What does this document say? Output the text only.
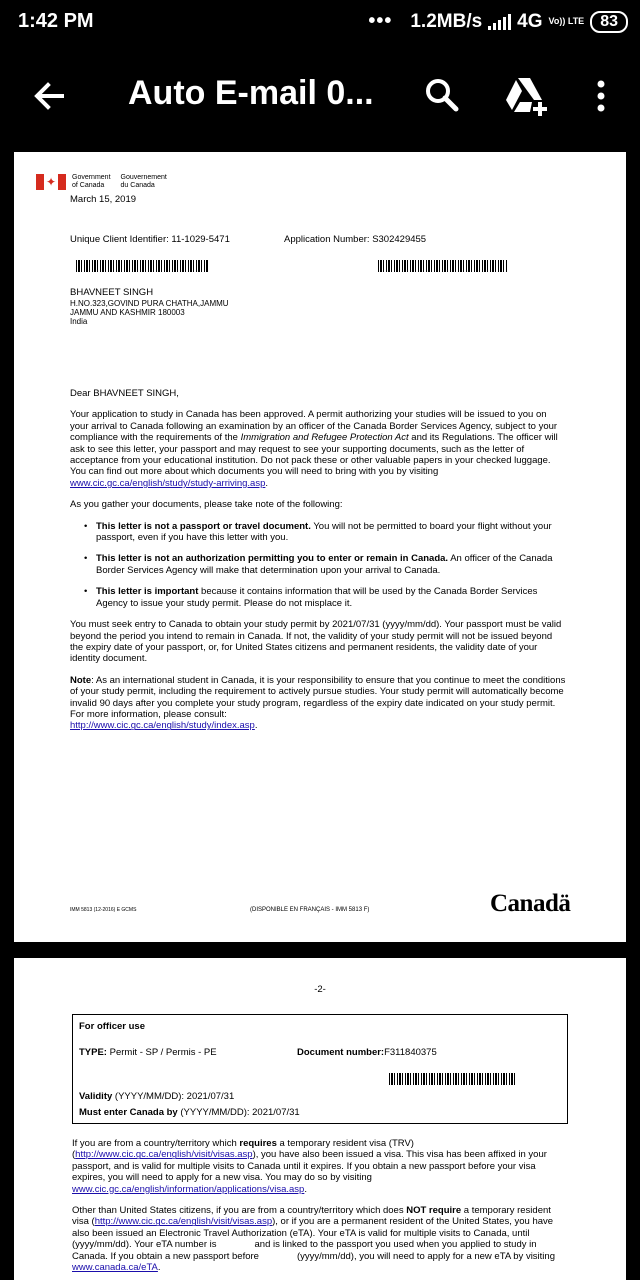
1:42 PM	••• 1.2MB/s 4G Vo)) LTE	83
Auto E-mail 0...
✦ Government
of Canada
Gouvernement
du Canada
March 15, 2019
Unique Client Identifier: 11-1029-5471	Application Number: S302429455
BHAVNEET SINGH
H.NO.323,GOVIND PURA CHATHA,JAMMU
JAMMU AND KASHMIR 180003
India

Dear BHAVNEET SINGH,

Your application to study in Canada has been approved. A permit authorizing your studies will be issued to you on your arrival to Canada following an examination by an officer of the Canada Border Services Agency, subject to your compliance with the requirements of the Immigration and Refugee Protection Act and its Regulations. The officer will ask to see this letter, your passport and may request to see your supporting documents, such as the letter of acceptance from your educational institution. Do not pack these or other valuable papers in your checked luggage. You can find out more about which documents you will need to bring with you by visiting www.cic.gc.ca/english/study/study-arriving.asp.

As you gather your documents, please take note of the following:

• This letter is not a passport or travel document. You will not be permitted to board your flight without your passport, even if you have this letter with you.
• This letter is not an authorization permitting you to enter or remain in Canada. An officer of the Canada Border Services Agency will make that determination upon your arrival to Canada.
• This letter is important because it contains information that will be used by the Canada Border Services Agency to issue your study permit. Please do not misplace it.

You must seek entry to Canada to obtain your study permit by 2021/07/31 (yyyy/mm/dd). Your passport must be valid beyond the period you intend to remain in Canada. If not, the validity of your study permit will not be issued beyond the expiry date of your passport, or, for United States citizens and permanent residents, the validity date of your identity document.

Note: As an international student in Canada, it is your responsibility to ensure that you continue to meet the conditions of your study permit, including the requirement to actively pursue studies. Your study permit will automatically become invalid 90 days after you complete your study program, regardless of the expiry date indicated on your study permit. For more information, please consult:
http://www.cic.gc.ca/english/study/index.asp.

IMM 5813 (12-2016) E GCMS	(DISPONIBLE EN FRANÇAIS - IMM 5813 F)	Canadä
-2-
For officer use
TYPE: Permit - SP / Permis - PE	Document number:F311840375
Validity (YYYY/MM/DD): 2021/07/31
Must enter Canada by (YYYY/MM/DD): 2021/07/31

If you are from a country/territory which requires a temporary resident visa (TRV) (http://www.cic.gc.ca/english/visit/visas.asp), you have also been issued a visa. This visa has been affixed in your passport, and is valid for multiple visits to Canada until it expires. If you obtain a new passport before your visa expires, you will need to apply for a new visa. You may do so by visiting www.cic.gc.ca/english/information/applications/visa.asp.

Other than United States citizens, if you are from a country/territory which does NOT require a temporary resident visa (http://www.cic.gc.ca/english/visit/visas.asp), or if you are a permanent resident of the United States, you have also been issued an Electronic Travel Authorization (eTA). Your eTA is valid for multiple visits to Canada, until(yyyy/mm/dd). Your eTA number is	and is linked to the passport you used when you applied to study in Canada. If you obtain a new passport before	(yyyy/mm/dd), you will need to apply for a new eTA by visiting www.canada.ca/eTA.
